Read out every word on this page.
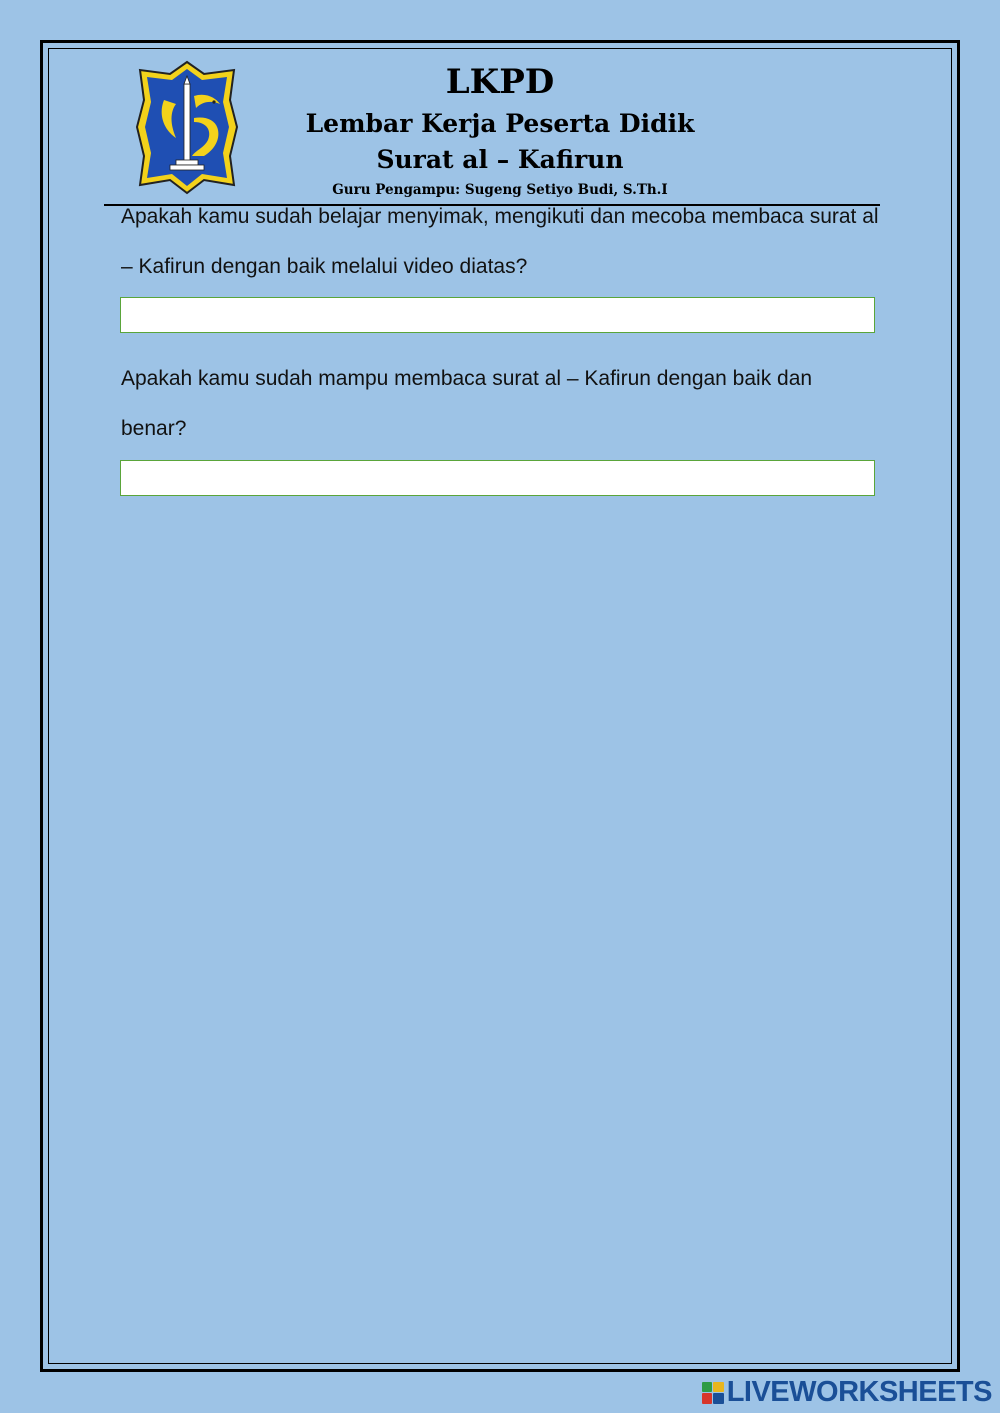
LKPD
Lembar Kerja Peserta Didik
Surat al – Kafirun
Guru Pengampu: Sugeng Setiyo Budi, S.Th.I

Apakah kamu sudah belajar menyimak, mengikuti dan mecoba membaca surat al – Kafirun dengan baik melalui video diatas?

Apakah kamu sudah mampu membaca surat al – Kafirun dengan baik dan benar?

LIVEWORKSHEETS
